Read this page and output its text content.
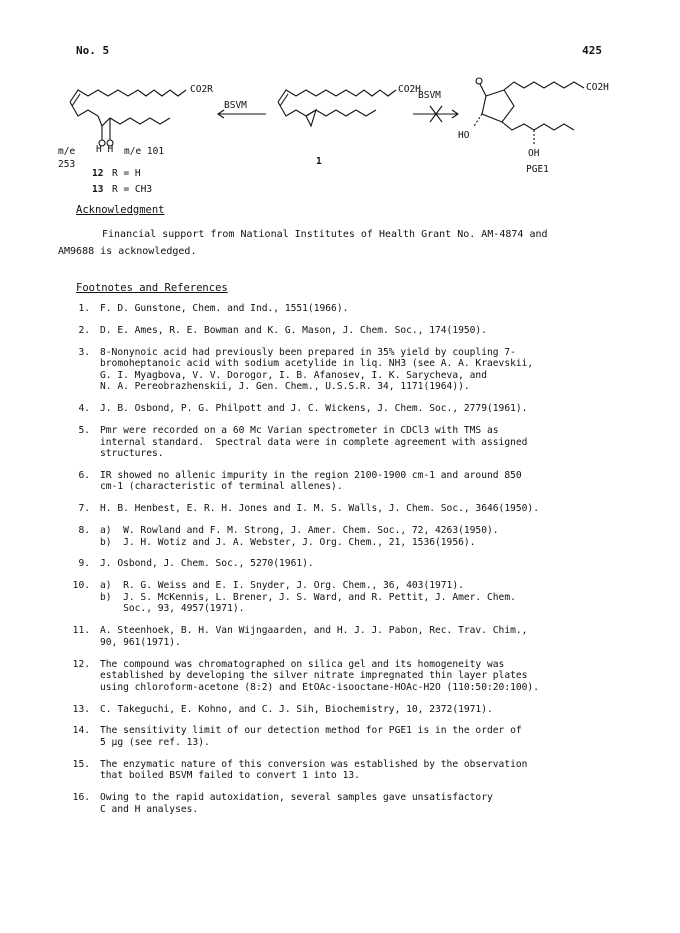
No. 5	425
CO2R
m/e
253
H H m/e 101
12 R = H
13 R = CH3
BSVM
CO2H
1
BSVM
CO2H
HO
OH
PGE1
Acknowledgment
Financial support from National Institutes of Health Grant No. AM-4874 and
AM9688 is acknowledged.
Footnotes and References
1.	F. D. Gunstone, Chem. and Ind., 1551(1966).
2.	D. E. Ames, R. E. Bowman and K. G. Mason, J. Chem. Soc., 174(1950).
3.	8-Nonynoic acid had previously been prepared in 35% yield by coupling 7-
bromoheptanoic acid with sodium acetylide in liq. NH3 (see A. A. Kraevskii,
G. I. Myagbova, V. V. Dorogor, I. B. Afanosev, I. K. Sarycheva, and
N. A. Pereobrazhenskii, J. Gen. Chem., U.S.S.R. 34, 1171(1964)).
4.	J. B. Osbond, P. G. Philpott and J. C. Wickens, J. Chem. Soc., 2779(1961).
5.	Pmr were recorded on a 60 Mc Varian spectrometer in CDCl3 with TMS as
internal standard.  Spectral data were in complete agreement with assigned
structures.
6.	IR showed no allenic impurity in the region 2100-1900 cm-1 and around 850
cm-1 (characteristic of terminal allenes).
7.	H. B. Henbest, E. R. H. Jones and I. M. S. Walls, J. Chem. Soc., 3646(1950).
8.	a)  W. Rowland and F. M. Strong, J. Amer. Chem. Soc., 72, 4263(1950).
b)  J. H. Wotiz and J. A. Webster, J. Org. Chem., 21, 1536(1956).
9.	J. Osbond, J. Chem. Soc., 5270(1961).
10.	a)  R. G. Weiss and E. I. Snyder, J. Org. Chem., 36, 403(1971).
b)  J. S. McKennis, L. Brener, J. S. Ward, and R. Pettit, J. Amer. Chem.
Soc., 93, 4957(1971).
11.	A. Steenhoek, B. H. Van Wijngaarden, and H. J. J. Pabon, Rec. Trav. Chim.,
90, 961(1971).
12.	The compound was chromatographed on silica gel and its homogeneity was
established by developing the silver nitrate impregnated thin layer plates
using chloroform-acetone (8:2) and EtOAc-isooctane-HOAc-H2O (110:50:20:100).
13.	C. Takeguchi, E. Kohno, and C. J. Sih, Biochemistry, 10, 2372(1971).
14.	The sensitivity limit of our detection method for PGE1 is in the order of
5 μg (see ref. 13).
15.	The enzymatic nature of this conversion was established by the observation
that boiled BSVM failed to convert 1 into 13.
16.	Owing to the rapid autoxidation, several samples gave unsatisfactory
C and H analyses.
